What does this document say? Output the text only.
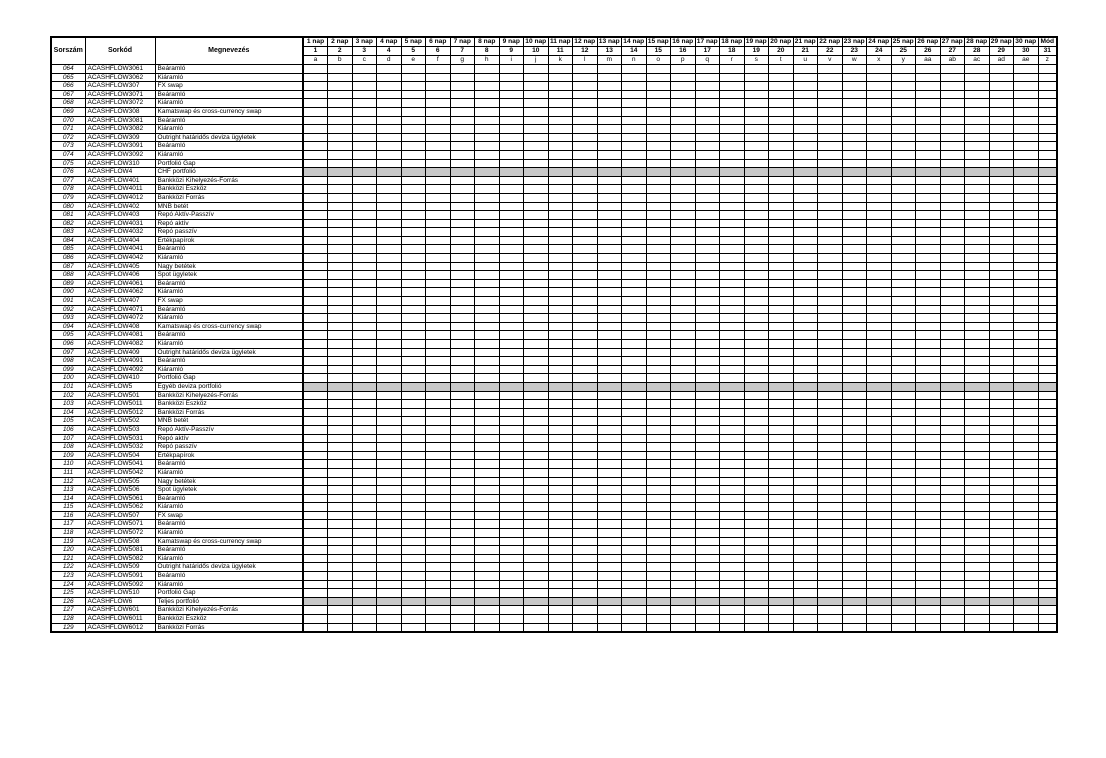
Sorszám	Sorkód	Megnevezés	1 nap	2 nap	3 nap	4 nap	5 nap	6 nap	7 nap	8 nap	9 nap	10 nap	11 nap	12 nap	13 nap	14 nap	15 nap	16 nap	17 nap	18 nap	19 nap	20 nap	21 nap	22 nap	23 nap	24 nap	25 nap	26 nap	27 nap	28 nap	29 nap	30 nap	Mód
			1	2	3	4	5	6	7	8	9	10	11	12	13	14	15	16	17	18	19	20	21	22	23	24	25	26	27	28	29	30	31
			a	b	c	d	e	f	g	h	i	j	k	l	m	n	o	p	q	r	s	t	u	v	w	x	y	aa	ab	ac	ad	ae	z
064	ACASHFLOW3061	Beáramló																															
065	ACASHFLOW3062	Kiáramló																															
066	ACASHFLOW307	FX swap																															
067	ACASHFLOW3071	Beáramló																															
068	ACASHFLOW3072	Kiáramló																															
069	ACASHFLOW308	Kamatswap és cross-currency swap																															
070	ACASHFLOW3081	Beáramló																															
071	ACASHFLOW3082	Kiáramló																															
072	ACASHFLOW309	Outright határidős deviza ügyletek																															
073	ACASHFLOW3091	Beáramló																															
074	ACASHFLOW3092	Kiáramló																															
075	ACASHFLOW310	Portfolió Gap																															
076	ACASHFLOW4	CHF portfolió																															
077	ACASHFLOW401	Bankközi Kihelyezés-Forrás																															
078	ACASHFLOW4011	Bankközi Eszköz																															
079	ACASHFLOW4012	Bankközi Forrás																															
080	ACASHFLOW402	MNB betét																															
081	ACASHFLOW403	Repó Aktív-Passzív																															
082	ACASHFLOW4031	Repó aktív																															
083	ACASHFLOW4032	Repó passzív																															
084	ACASHFLOW404	Értékpapírok																															
085	ACASHFLOW4041	Beáramló																															
086	ACASHFLOW4042	Kiáramló																															
087	ACASHFLOW405	Nagy betétek																															
088	ACASHFLOW406	Spot ügyletek																															
089	ACASHFLOW4061	Beáramló																															
090	ACASHFLOW4062	Kiáramló																															
091	ACASHFLOW407	FX swap																															
092	ACASHFLOW4071	Beáramló																															
093	ACASHFLOW4072	Kiáramló																															
094	ACASHFLOW408	Kamatswap és cross-currency swap																															
095	ACASHFLOW4081	Beáramló																															
096	ACASHFLOW4082	Kiáramló																															
097	ACASHFLOW409	Outright határidős deviza ügyletek																															
098	ACASHFLOW4091	Beáramló																															
099	ACASHFLOW4092	Kiáramló																															
100	ACASHFLOW410	Portfolió Gap																															
101	ACASHFLOW5	Egyéb deviza portfolió																															
102	ACASHFLOW501	Bankközi Kihelyezés-Forrás																															
103	ACASHFLOW5011	Bankközi Eszköz																															
104	ACASHFLOW5012	Bankközi Forrás																															
105	ACASHFLOW502	MNB betét																															
106	ACASHFLOW503	Repó Aktív-Passzív																															
107	ACASHFLOW5031	Repó aktív																															
108	ACASHFLOW5032	Repó passzív																															
109	ACASHFLOW504	Értékpapírok																															
110	ACASHFLOW5041	Beáramló																															
111	ACASHFLOW5042	Kiáramló																															
112	ACASHFLOW505	Nagy betétek																															
113	ACASHFLOW506	Spot ügyletek																															
114	ACASHFLOW5061	Beáramló																															
115	ACASHFLOW5062	Kiáramló																															
116	ACASHFLOW507	FX swap																															
117	ACASHFLOW5071	Beáramló																															
118	ACASHFLOW5072	Kiáramló																															
119	ACASHFLOW508	Kamatswap és cross-currency swap																															
120	ACASHFLOW5081	Beáramló																															
121	ACASHFLOW5082	Kiáramló																															
122	ACASHFLOW509	Outright határidős deviza ügyletek																															
123	ACASHFLOW5091	Beáramló																															
124	ACASHFLOW5092	Kiáramló																															
125	ACASHFLOW510	Portfolió Gap																															
126	ACASHFLOW6	Teljes portfolió																															
127	ACASHFLOW601	Bankközi Kihelyezés-Forrás																															
128	ACASHFLOW6011	Bankközi Eszköz																															
129	ACASHFLOW6012	Bankközi Forrás																															
